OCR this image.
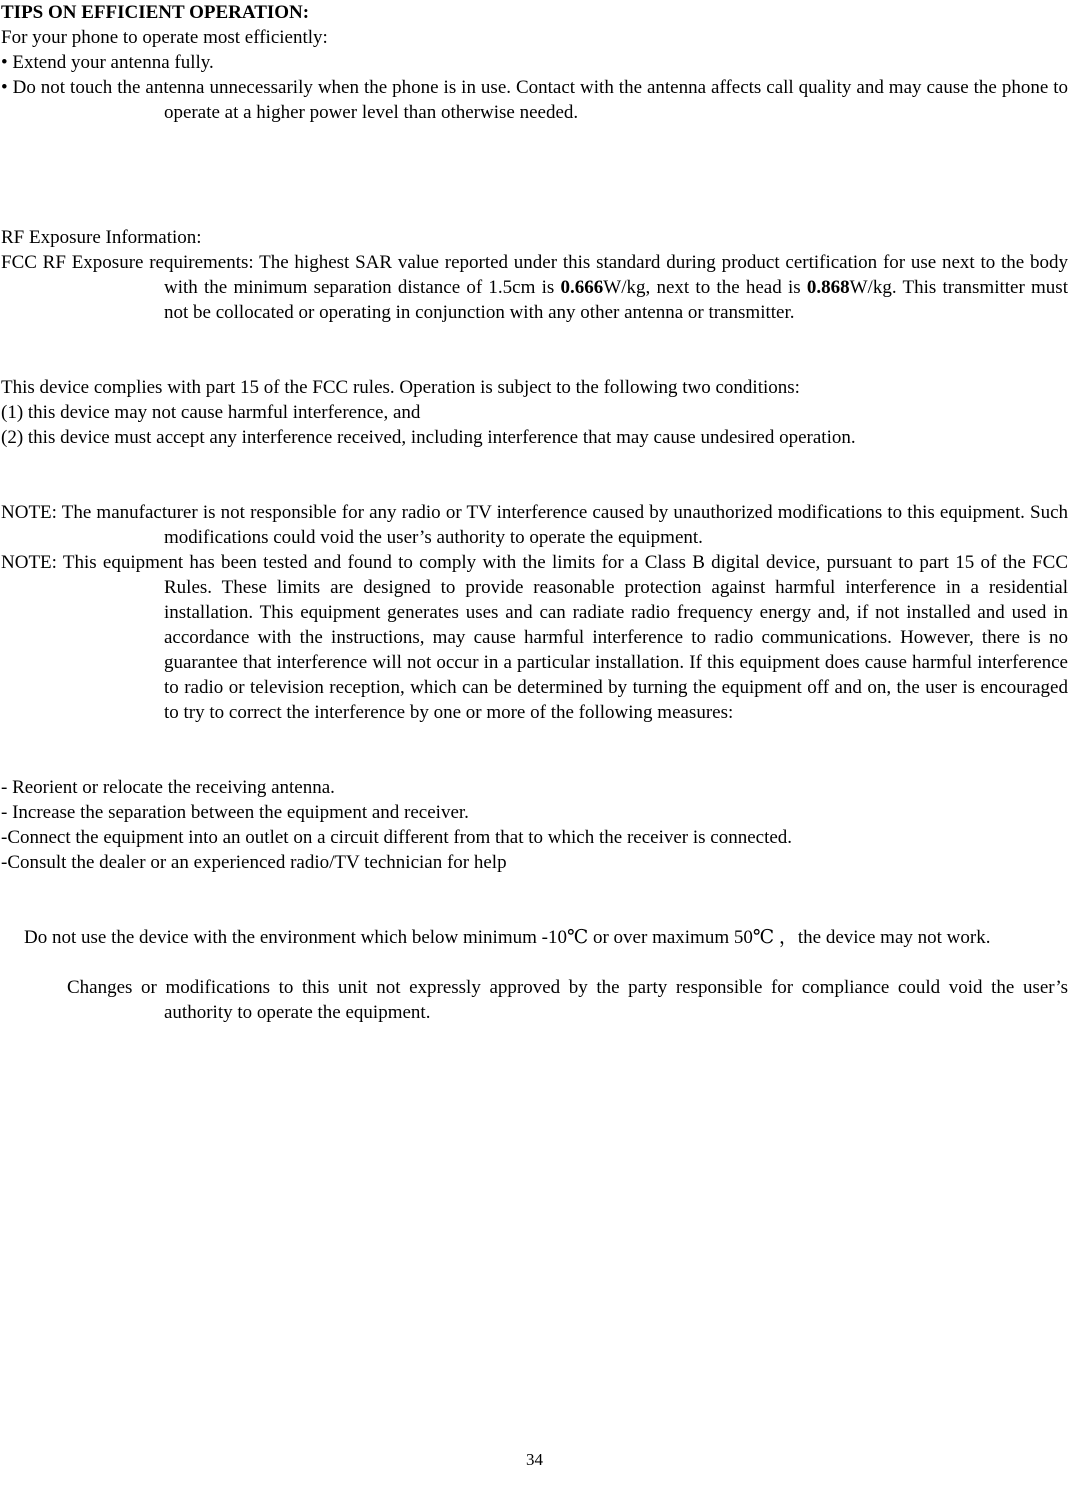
TIPS ON EFFICIENT OPERATION:

For your phone to operate most efficiently:

• Extend your antenna fully.

• Do not touch the antenna unnecessarily when the phone is in use. Contact with the antenna affects call quality and may cause the phone to operate at a higher power level than otherwise needed.

RF Exposure Information:

FCC RF Exposure requirements: The highest SAR value reported under this standard during product certification for use next to the body with the minimum separation distance of 1.5cm is 0.666W/kg, next to the head is 0.868W/kg. This transmitter must not be collocated or operating in conjunction with any other antenna or transmitter.

This device complies with part 15 of the FCC rules. Operation is subject to the following two conditions:

(1) this device may not cause harmful interference, and

(2) this device must accept any interference received, including interference that may cause undesired operation.

NOTE: The manufacturer is not responsible for any radio or TV interference caused by unauthorized modifications to this equipment. Such modifications could void the user’s authority to operate the equipment.

NOTE: This equipment has been tested and found to comply with the limits for a Class B digital device, pursuant to part 15 of the FCC Rules. These limits are designed to provide reasonable protection against harmful interference in a residential installation. This equipment generates uses and can radiate radio frequency energy and, if not installed and used in accordance with the instructions, may cause harmful interference to radio communications. However, there is no guarantee that interference will not occur in a particular installation. If this equipment does cause harmful interference to radio or television reception, which can be determined by turning the equipment off and on, the user is encouraged to try to correct the interference by one or more of the following measures:

- Reorient or relocate the receiving antenna.

- Increase the separation between the equipment and receiver.

-Connect the equipment into an outlet on a circuit different from that to which the receiver is connected.

-Consult the dealer or an experienced radio/TV technician for help

Do not use the device with the environment which below minimum -10℃ or over maximum 50℃ ，the device may not work.

Changes or modifications to this unit not expressly approved by the party responsible for compliance could void the user’s authority to operate the equipment.

34
